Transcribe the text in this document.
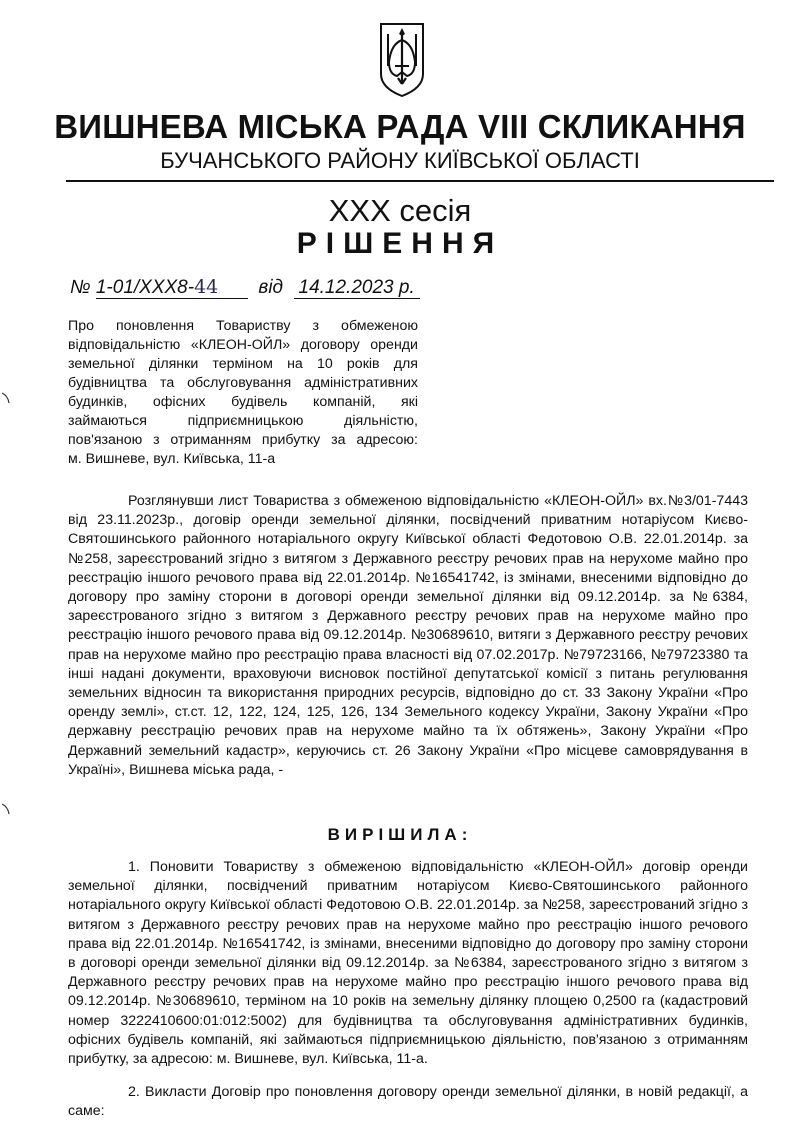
ВИШНЕВА МІСЬКА РАДА VIII СКЛИКАННЯ
БУЧАНСЬКОГО РАЙОНУ КИЇВСЬКОЇ ОБЛАСТІ
XXX сесія
РІШЕННЯ
№ 1-01/XXX8-44 від 14.12.2023 р.
Про поновлення Товариству з обмеженою
відповідальністю «КЛЕОН-ОЙЛ» договору оренди
земельної ділянки терміном на 10 років для
будівництва та обслуговування адміністративних
будинків, офісних будівель компаній, які
займаються підприємницькою діяльністю,
пов'язаною з отриманням прибутку за адресою:
м. Вишневе, вул. Київська, 11-а
Розглянувши лист Товариства з обмеженою відповідальністю «КЛЕОН-ОЙЛ» вх.№3/01-7443 від 23.11.2023р., договір оренди земельної ділянки, посвідчений приватним нотаріусом Києво-Святошинського районного нотаріального округу Київської області Федотовою О.В. 22.01.2014р. за №258, зареєстрований згідно з витягом з Державного реєстру речових прав на нерухоме майно про реєстрацію іншого речового права від 22.01.2014р. №16541742, із змінами, внесеними відповідно до договору про заміну сторони в договорі оренди земельної ділянки від 09.12.2014р. за №6384, зареєстрованого згідно з витягом з Державного реєстру речових прав на нерухоме майно про реєстрацію іншого речового права від 09.12.2014р. №30689610, витяги з Державного реєстру речових прав на нерухоме майно про реєстрацію права власності від 07.02.2017р. №79723166, №79723380 та інші надані документи, враховуючи висновок постійної депутатської комісії з питань регулювання земельних відносин та використання природних ресурсів, відповідно до ст. 33 Закону України «Про оренду землі», ст.ст. 12, 122, 124, 125, 126, 134 Земельного кодексу України, Закону України «Про державну реєстрацію речових прав на нерухоме майно та їх обтяжень», Закону України «Про Державний земельний кадастр», керуючись ст. 26 Закону України «Про місцеве самоврядування в Україні», Вишнева міська рада, -
ВИРІШИЛА:
1. Поновити Товариству з обмеженою відповідальністю «КЛЕОН-ОЙЛ» договір оренди земельної ділянки, посвідчений приватним нотаріусом Києво-Святошинського районного нотаріального округу Київської області Федотовою О.В. 22.01.2014р. за №258, зареєстрований згідно з витягом з Державного реєстру речових прав на нерухоме майно про реєстрацію іншого речового права від 22.01.2014р. №16541742, із змінами, внесеними відповідно до договору про заміну сторони в договорі оренди земельної ділянки від 09.12.2014р. за №6384, зареєстрованого згідно з витягом з Державного реєстру речових прав на нерухоме майно про реєстрацію іншого речового права від 09.12.2014р. №30689610, терміном на 10 років на земельну ділянку площею 0,2500 га (кадастровий номер 3222410600:01:012:5002) для будівництва та обслуговування адміністративних будинків, офісних будівель компаній, які займаються підприємницькою діяльністю, пов'язаною з отриманням прибутку, за адресою: м. Вишневе, вул. Київська, 11-а.
2. Викласти Договір про поновлення договору оренди земельної ділянки, в новій редакції, а саме:
